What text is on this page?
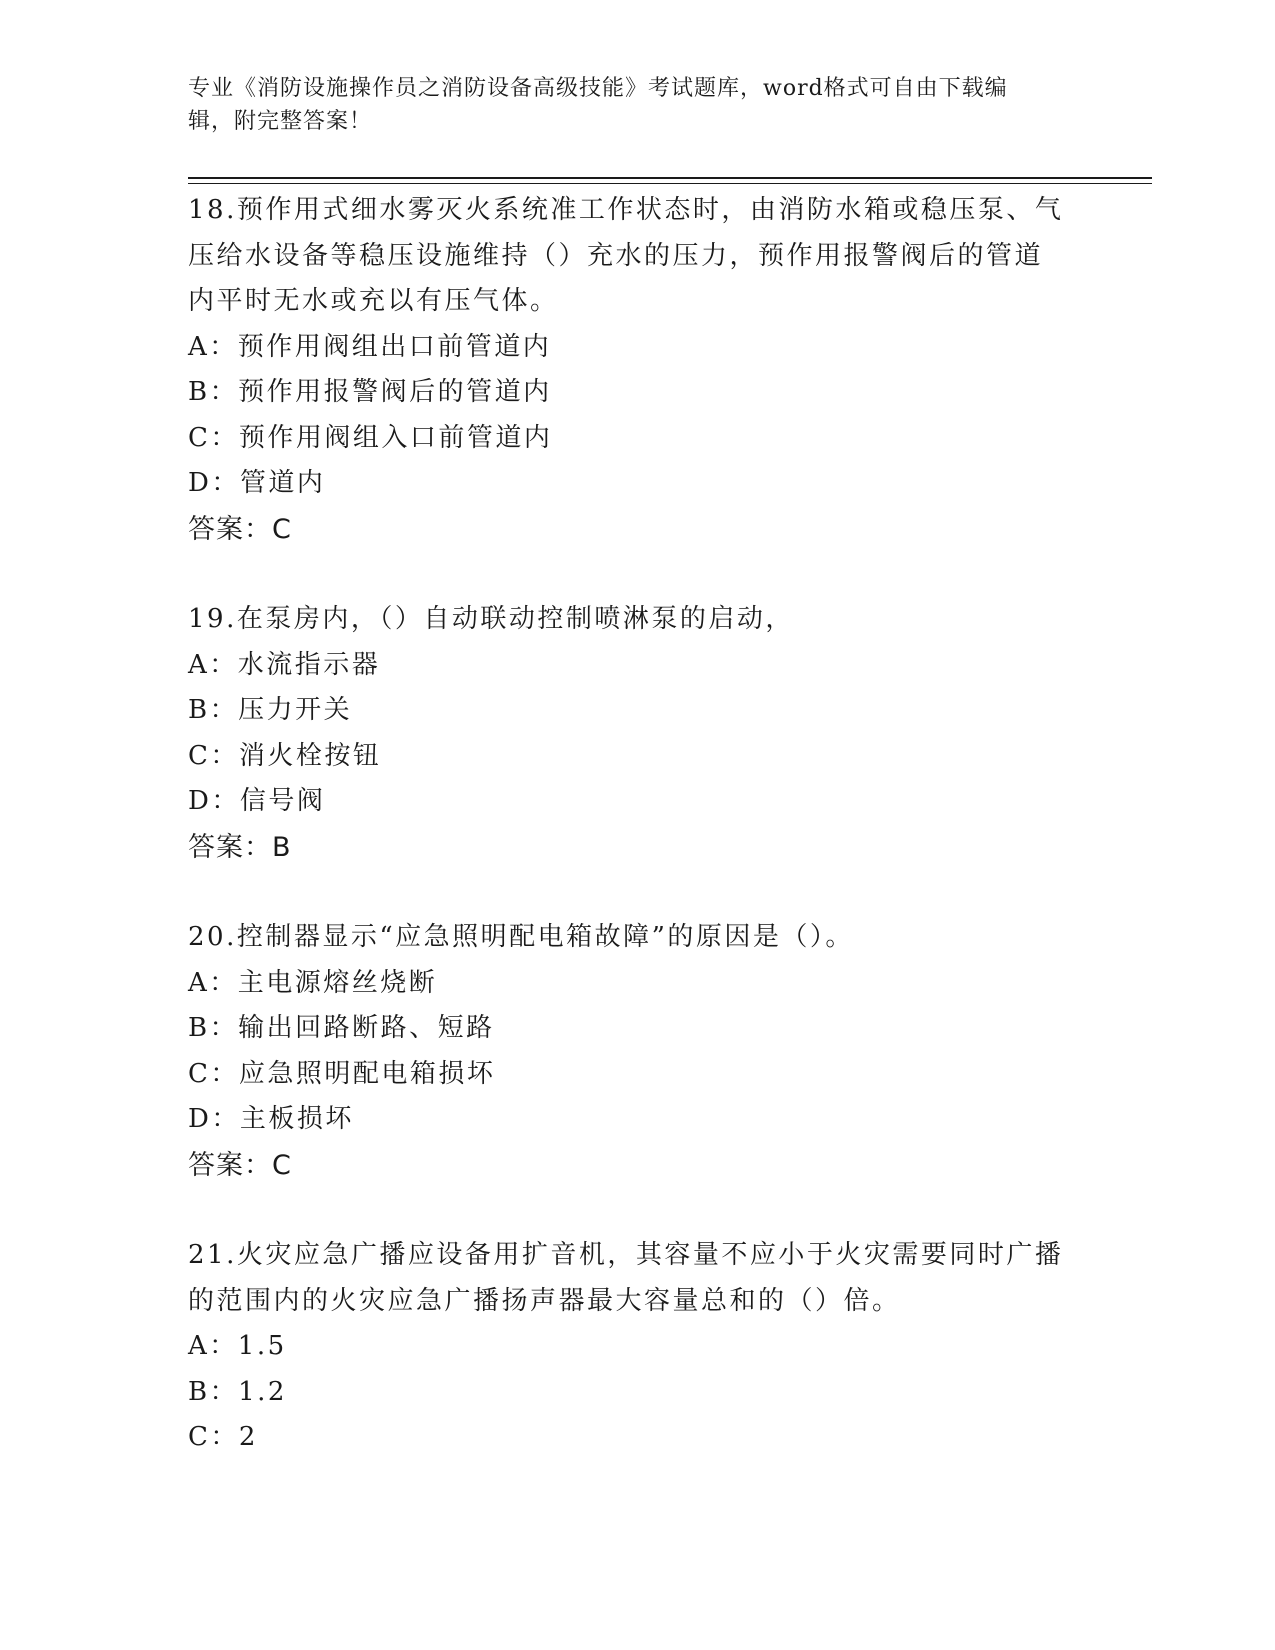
专业《消防设施操作员之消防设备高级技能》考试题库，word格式可自由下载编
辑，附完整答案！
18.预作用式细水雾灭火系统准工作状态时，由消防水箱或稳压泵、气
压给水设备等稳压设施维持（）充水的压力，预作用报警阀后的管道
内平时无水或充以有压气体。
A：预作用阀组出口前管道内
B：预作用报警阀后的管道内
C：预作用阀组入口前管道内
D：管道内
答案：C
19.在泵房内，（）自动联动控制喷淋泵的启动，
A：水流指示器
B：压力开关
C：消火栓按钮
D：信号阀
答案：B
20.控制器显示“应急照明配电箱故障”的原因是（）。
A：主电源熔丝烧断
B：输出回路断路、短路
C：应急照明配电箱损坏
D：主板损坏
答案：C
21.火灾应急广播应设备用扩音机，其容量不应小于火灾需要同时广播
的范围内的火灾应急广播扬声器最大容量总和的（）倍。
A：1.5
B：1.2
C：2
